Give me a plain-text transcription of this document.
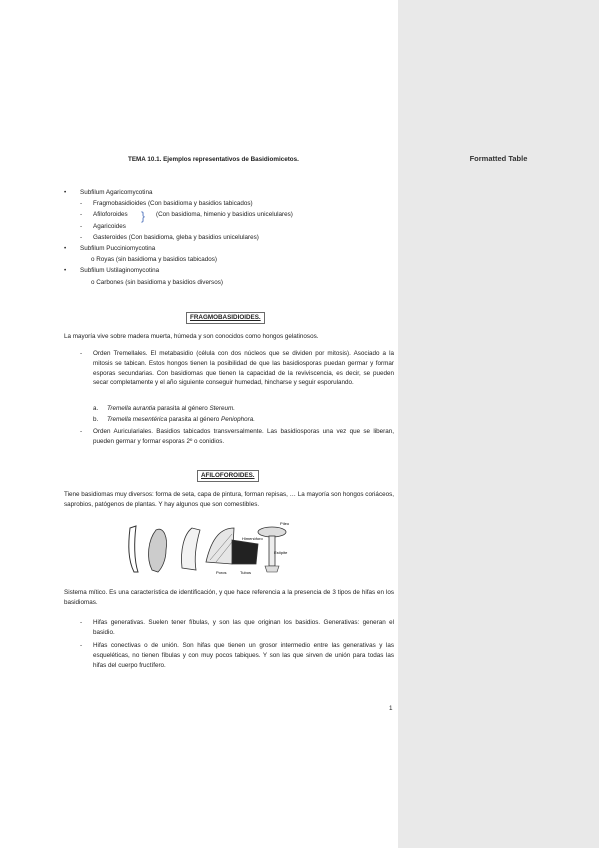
TEMA 10.1. Ejemplos representativos de Basidiomicetos.
• Subfilum Agaricomycotina
- Fragmobasidioides (Con basidioma y basidios tabicados)
- Afiloforoides } (Con basidioma, himenio y basidios unicelulares)
- Agaricoides
- Gasteroides (Con basidioma, gleba y basidios unicelulares)
• Subfilum Pucciniomycotina
o Royas (sin basidioma y basidios tabicados)
• Subfilum Ustilaginomycotina
o Carbones (sin basidioma y basidios diversos)
FRAGMOBASIDIOIDES.
La mayoría vive sobre madera muerta, húmeda y son conocidos como hongos gelatinosos.
- Orden Tremellales. El metabasidio (célula con dos núcleos que se dividen por mitosis). Asociado a la mitosis se tabican. Estos hongos tienen la posibilidad de que las basidiosporas puedan germar y formar esporas secundarias. Con basidiomas que tienen la capacidad de la reviviscencia, es decir, se pueden secar completamente y el año siguiente conseguir humedad, hincharse y seguir esporulando.
a. Tremella aurantia parasita al género Stereum.
b. Tremella mesentérica parasita al género Peniophora.
- Orden Auriculariales. Basidios tabicados transversalmente. Las basidiosporas una vez que se liberan, pueden germar y formar esporas 2º o conidios.
AFILOFOROIDES.
Tiene basidiomas muy diversos: forma de seta, capa de pintura, forman repisas, … La mayoría son hongos coriáceos, saprobios, patógenos de plantas. Y hay algunos que son comestibles.
Poros	Tubos
Píleo
Himenóforo
Estípite
Sistema mítico. Es una característica de identificación, y que hace referencia a la presencia de 3 tipos de hifas en los basidiomas.
- Hifas generativas. Suelen tener fíbulas, y son las que originan los basidios. Generativas: generan el basidio.
- Hifas conectivas o de unión. Son hifas que tienen un grosor intermedio entre las generativas y las esqueléticas, no tienen fíbulas y con muy pocos tabiques. Y son las que sirven de unión para todas las hifas del cuerpo fructífero.
1
Formatted Table
